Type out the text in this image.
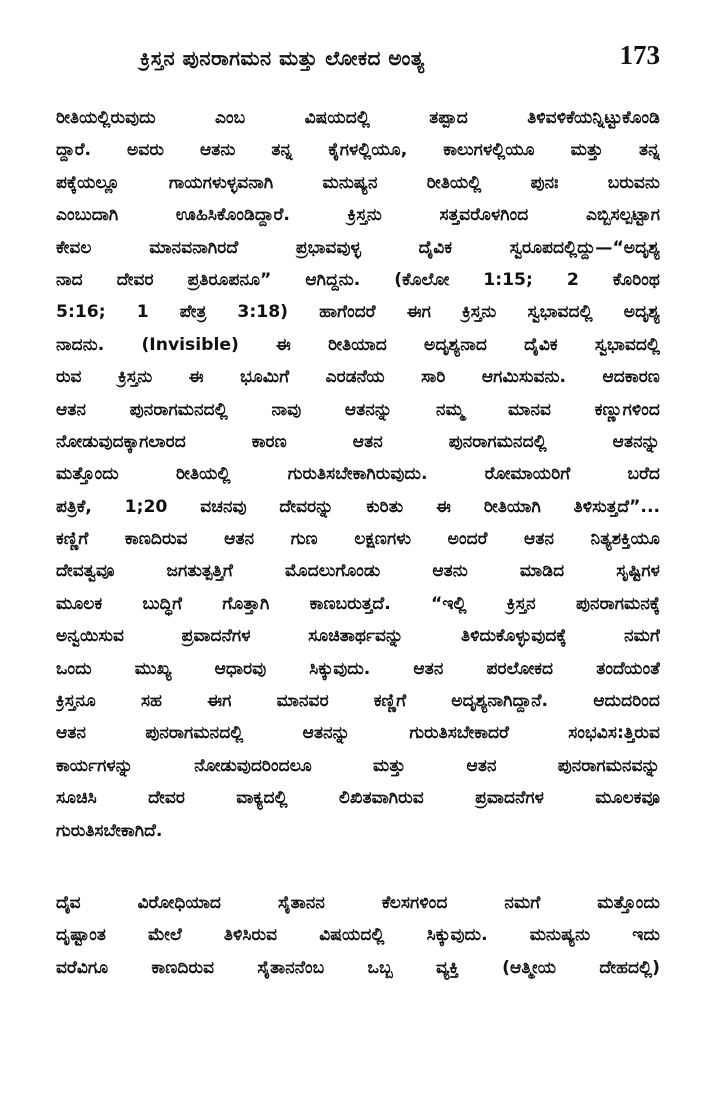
ಕ್ರಿಸ್ತನ ಪುನರಾಗಮನ ಮತ್ತು ಲೋಕದ ಅಂತ್ಯ	173
ರೀತಿಯಲ್ಲಿರುವುದು ಎಂಬ ವಿಷಯದಲ್ಲಿ ತಪ್ಪಾದ ತಿಳಿವಳಿಕೆಯನ್ನಿಟ್ಟುಕೊಂಡಿ
ದ್ದಾರೆ. ಅವರು ಆತನು ತನ್ನ ಕೈಗಳಲ್ಲಿಯೂ, ಕಾಲುಗಳಲ್ಲಿಯೂ ಮತ್ತು ತನ್ನ
ಪಕ್ಕೆಯಲ್ಲೂ ಗಾಯಗಳುಳ್ಳವನಾಗಿ ಮನುಷ್ಯನ ರೀತಿಯಲ್ಲಿ ಪುನಃ ಬರುವನು
ಎಂಬುದಾಗಿ ಊಹಿಸಿಕೊಂಡಿದ್ದಾರೆ. ಕ್ರಿಸ್ತನು ಸತ್ತವರೊಳಗಿಂದ ಎಬ್ಬಿಸಲ್ಪಟ್ಟಾಗ
ಕೇವಲ ಮಾನವನಾಗಿರದೆ ಪ್ರಭಾವವುಳ್ಳ ದೈವಿಕ ಸ್ವರೂಪದಲ್ಲಿದ್ದು—“ಅದೃಶ್ಯ
ನಾದ ದೇವರ ಪ್ರತಿರೂಪನೂ” ಆಗಿದ್ದನು. (ಕೊಲೋ 1:15; 2 ಕೊರಿಂಥ
5:16; 1 ಪೇತ್ರ 3:18) ಹಾಗೆಂದರೆ ಈಗ ಕ್ರಿಸ್ತನು ಸ್ವಭಾವದಲ್ಲಿ ಅದೃಶ್ಯ
ನಾದನು. (Invisible) ಈ ರೀತಿಯಾದ ಅದೃಶ್ಯನಾದ ದೈವಿಕ ಸ್ವಭಾವದಲ್ಲಿ
ರುವ ಕ್ರಿಸ್ತನು ಈ ಭೂಮಿಗೆ ಎರಡನೆಯ ಸಾರಿ ಆಗಮಿಸುವನು. ಆದಕಾರಣ
ಆತನ ಪುನರಾಗಮನದಲ್ಲಿ ನಾವು ಆತನನ್ನು ನಮ್ಮ ಮಾನವ ಕಣ್ಣುಗಳಿಂದ
ನೋಡುವುದಕ್ಕಾಗಲಾರದ ಕಾರಣ ಆತನ ಪುನರಾಗಮನದಲ್ಲಿ ಆತನನ್ನು
ಮತ್ತೊಂದು ರೀತಿಯಲ್ಲಿ ಗುರುತಿಸಬೇಕಾಗಿರುವುದು. ರೋಮಾಯರಿಗೆ ಬರೆದ
ಪತ್ರಿಕೆ, 1;20 ವಚನವು ದೇವರನ್ನು ಕುರಿತು ಈ ರೀತಿಯಾಗಿ ತಿಳಿಸುತ್ತದೆ”...
ಕಣ್ಣಿಗೆ ಕಾಣದಿರುವ ಆತನ ಗುಣ ಲಕ್ಷಣಗಳು ಅಂದರೆ ಆತನ ನಿತ್ಯಶಕ್ತಿಯೂ
ದೇವತ್ವವೂ ಜಗತುತ್ಪತ್ತಿಗೆ ಮೊದಲುಗೊಂಡು ಆತನು ಮಾಡಿದ ಸೃಷ್ಟಿಗಳ
ಮೂಲಕ ಬುದ್ಧಿಗೆ ಗೊತ್ತಾಗಿ ಕಾಣಬರುತ್ತದೆ. “ಇಲ್ಲಿ ಕ್ರಿಸ್ತನ ಪುನರಾಗಮನಕ್ಕೆ
ಅನ್ವಯಿಸುವ ಪ್ರವಾದನೆಗಳ ಸೂಚಿತಾರ್ಥವನ್ನು ತಿಳಿದುಕೊಳ್ಳುವುದಕ್ಕೆ ನಮಗೆ
ಒಂದು ಮುಖ್ಯ ಆಧಾರವು ಸಿಕ್ಕುವುದು. ಆತನ ಪರಲೋಕದ ತಂದೆಯಂತೆ
ಕ್ರಿಸ್ತನೂ ಸಹ ಈಗ ಮಾನವರ ಕಣ್ಣಿಗೆ ಅದೃಶ್ಯನಾಗಿದ್ದಾನೆ. ಆದುದರಿಂದ
ಆತನ ಪುನರಾಗಮನದಲ್ಲಿ ಆತನನ್ನು ಗುರುತಿಸಬೇಕಾದರೆ ಸಂಭವಿಸ:ತ್ತಿರುವ
ಕಾರ್ಯಗಳನ್ನು ನೋಡುವುದರಿಂದಲೂ ಮತ್ತು ಆತನ ಪುನರಾಗಮನವನ್ನು
ಸೂಚಿಸಿ ದೇವರ ವಾಕ್ಯದಲ್ಲಿ ಲಿಖಿತವಾಗಿರುವ ಪ್ರವಾದನೆಗಳ ಮೂಲಕವೂ
ಗುರುತಿಸಬೇಕಾಗಿದೆ.
ದೈವ ವಿರೋಧಿಯಾದ ಸೈತಾನನ ಕೆಲಸಗಳಿಂದ ನಮಗೆ ಮತ್ತೊಂದು
ದೃಷ್ಟಾಂತ ಮೇಲೆ ತಿಳಿಸಿರುವ ವಿಷಯದಲ್ಲಿ ಸಿಕ್ಕುವುದು. ಮನುಷ್ಯನು ಇದು
ವರೆವಿಗೂ ಕಾಣದಿರುವ ಸೈತಾನನೆಂಬ ಒಬ್ಬ ವ್ಯಕ್ತಿ (ಆತ್ಮೀಯ ದೇಹದಲ್ಲಿ)
